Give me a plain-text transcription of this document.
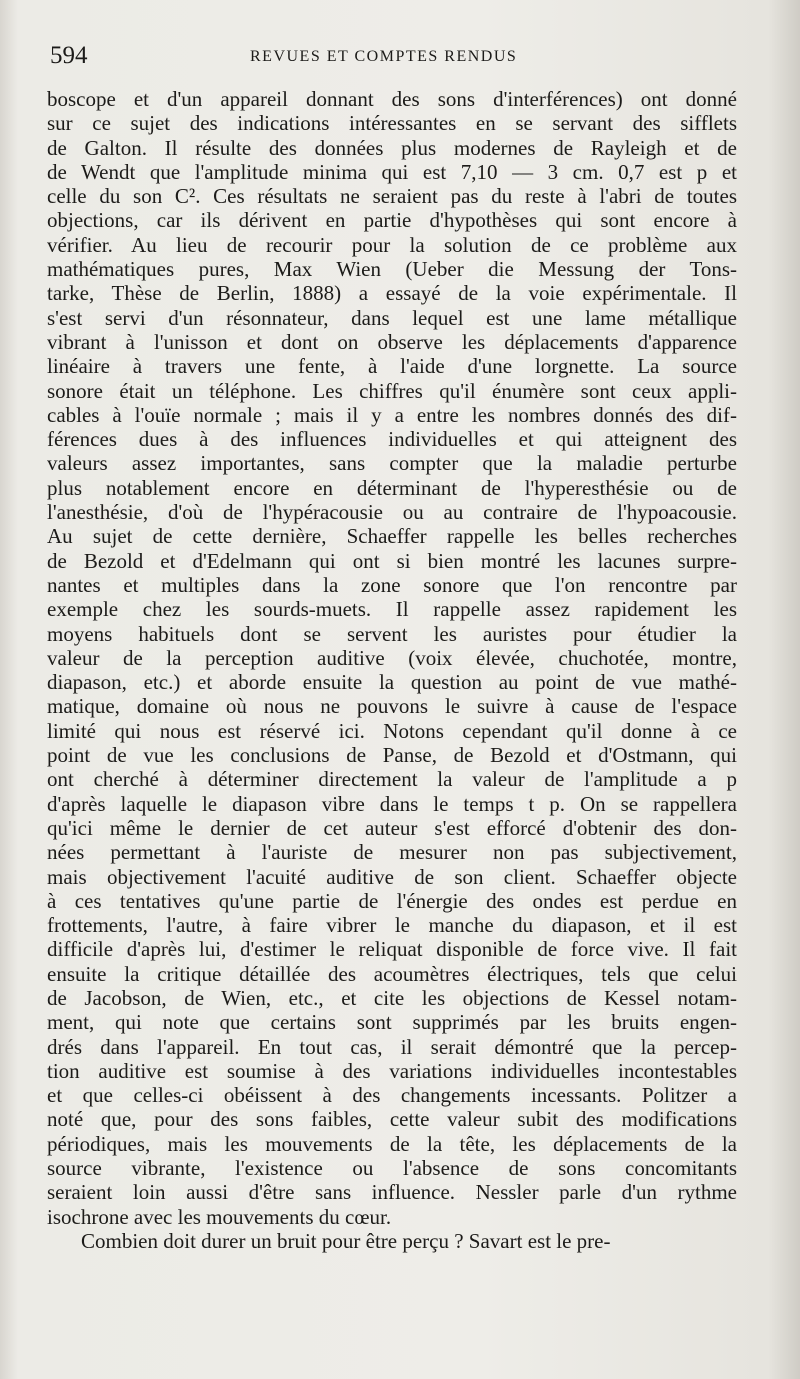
594	REVUES ET COMPTES RENDUS
boscope et d'un appareil donnant des sons d'interférences) ont donné
sur ce sujet des indications intéressantes en se servant des sifflets
de Galton. Il résulte des données plus modernes de Rayleigh et de
de Wendt que l'amplitude minima qui est 7,10 — 3 cm. 0,7 est p et
celle du son C². Ces résultats ne seraient pas du reste à l'abri de toutes
objections, car ils dérivent en partie d'hypothèses qui sont encore à
vérifier. Au lieu de recourir pour la solution de ce problème aux
mathématiques pures, Max Wien (Ueber die Messung der Tons-
tarke, Thèse de Berlin, 1888) a essayé de la voie expérimentale. Il
s'est servi d'un résonnateur, dans lequel est une lame métallique
vibrant à l'unisson et dont on observe les déplacements d'apparence
linéaire à travers une fente, à l'aide d'une lorgnette. La source
sonore était un téléphone. Les chiffres qu'il énumère sont ceux appli-
cables à l'ouïe normale ; mais il y a entre les nombres donnés des dif-
férences dues à des influences individuelles et qui atteignent des
valeurs assez importantes, sans compter que la maladie perturbe
plus notablement encore en déterminant de l'hyperesthésie ou de
l'anesthésie, d'où de l'hypéracousie ou au contraire de l'hypoacousie.
Au sujet de cette dernière, Schaeffer rappelle les belles recherches
de Bezold et d'Edelmann qui ont si bien montré les lacunes surpre-
nantes et multiples dans la zone sonore que l'on rencontre par
exemple chez les sourds-muets. Il rappelle assez rapidement les
moyens habituels dont se servent les auristes pour étudier la
valeur de la perception auditive (voix élevée, chuchotée, montre,
diapason, etc.) et aborde ensuite la question au point de vue mathé-
matique, domaine où nous ne pouvons le suivre à cause de l'espace
limité qui nous est réservé ici. Notons cependant qu'il donne à ce
point de vue les conclusions de Panse, de Bezold et d'Ostmann, qui
ont cherché à déterminer directement la valeur de l'amplitude a p
d'après laquelle le diapason vibre dans le temps t p. On se rappellera
qu'ici même le dernier de cet auteur s'est efforcé d'obtenir des don-
nées permettant à l'auriste de mesurer non pas subjectivement,
mais objectivement l'acuité auditive de son client. Schaeffer objecte
à ces tentatives qu'une partie de l'énergie des ondes est perdue en
frottements, l'autre, à faire vibrer le manche du diapason, et il est
difficile d'après lui, d'estimer le reliquat disponible de force vive. Il fait
ensuite la critique détaillée des acoumètres électriques, tels que celui
de Jacobson, de Wien, etc., et cite les objections de Kessel notam-
ment, qui note que certains sont supprimés par les bruits engen-
drés dans l'appareil. En tout cas, il serait démontré que la percep-
tion auditive est soumise à des variations individuelles incontestables
et que celles-ci obéissent à des changements incessants. Politzer a
noté que, pour des sons faibles, cette valeur subit des modifications
périodiques, mais les mouvements de la tête, les déplacements de la
source vibrante, l'existence ou l'absence de sons concomitants
seraient loin aussi d'être sans influence. Nessler parle d'un rythme
isochrone avec les mouvements du cœur.
Combien doit durer un bruit pour être perçu ? Savart est le pre-
